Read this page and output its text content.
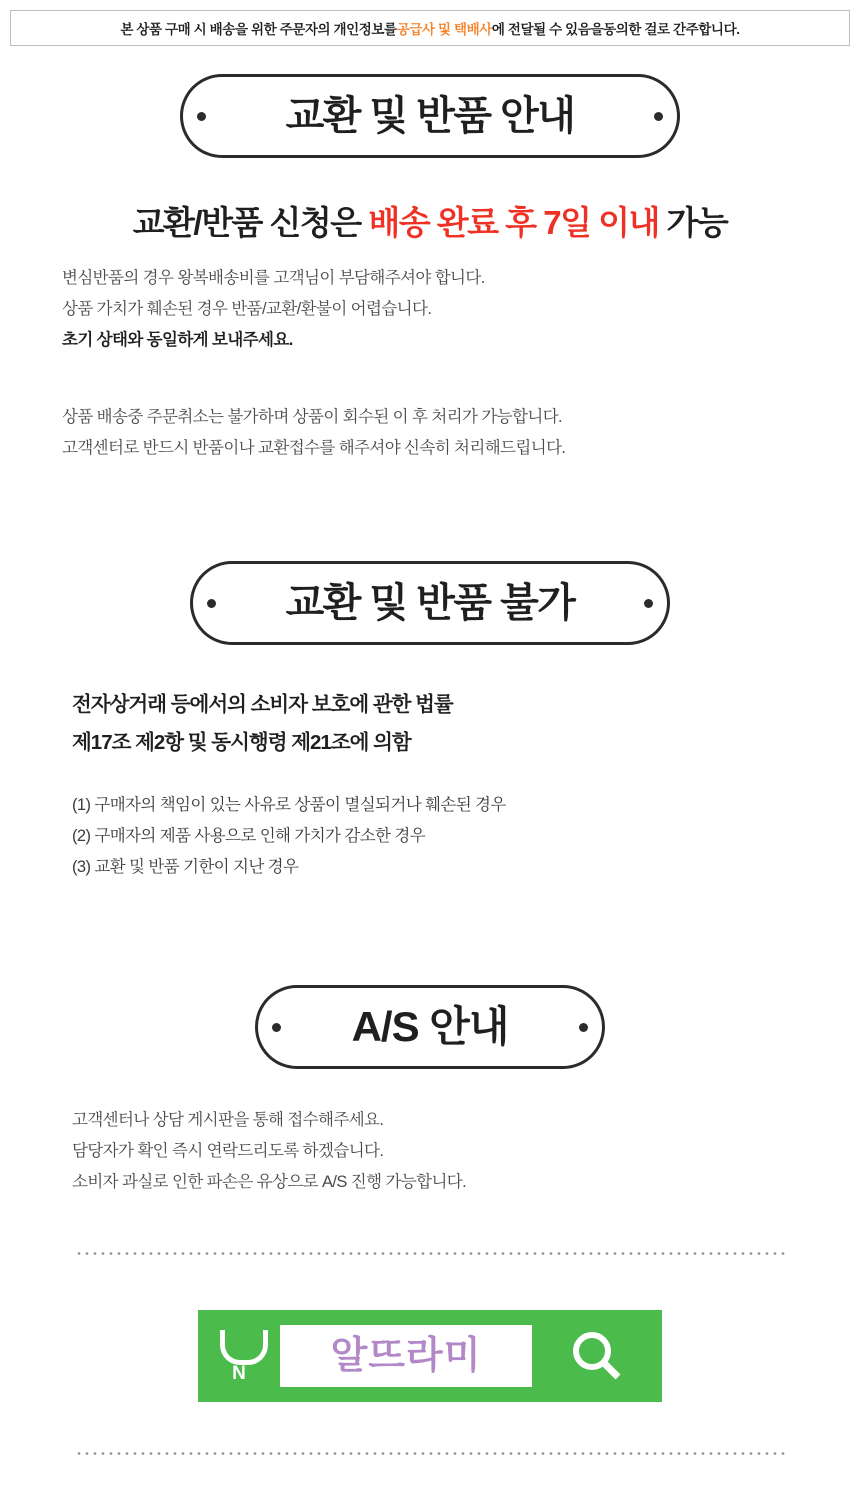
본 상품 구매 시 배송을 위한 주문자의 개인정보를 공급사 및 택배사 에 전달될 수 있음을 동의한 걸로 간주합니다.
교환 및 반품 안내
교환/반품 신청은 배송 완료 후 7일 이내 가능
변심반품의 경우 왕복배송비를 고객님이 부담해주셔야 합니다.
상품 가치가 훼손된 경우 반품/교환/환불이 어렵습니다.
초기 상태와 동일하게 보내주세요.
상품 배송중 주문취소는 불가하며 상품이 회수된 이 후 처리가 가능합니다.
고객센터로 반드시 반품이나 교환접수를 해주셔야 신속히 처리해드립니다.
교환 및 반품 불가
전자상거래 등에서의 소비자 보호에 관한 법률
제17조 제2항 및 동시행령 제21조에 의함
(1) 구매자의 책임이 있는 사유로 상품이 멸실되거나 훼손된 경우
(2) 구매자의 제품 사용으로 인해 가치가 감소한 경우
(3) 교환 및 반품 기한이 지난 경우
A/S 안내
고객센터나 상담 게시판을 통해 접수해주세요.
담당자가 확인 즉시 연락드리도록 하겠습니다.
소비자 과실로 인한 파손은 유상으로 A/S 진행 가능합니다.
N	알뜨라미
